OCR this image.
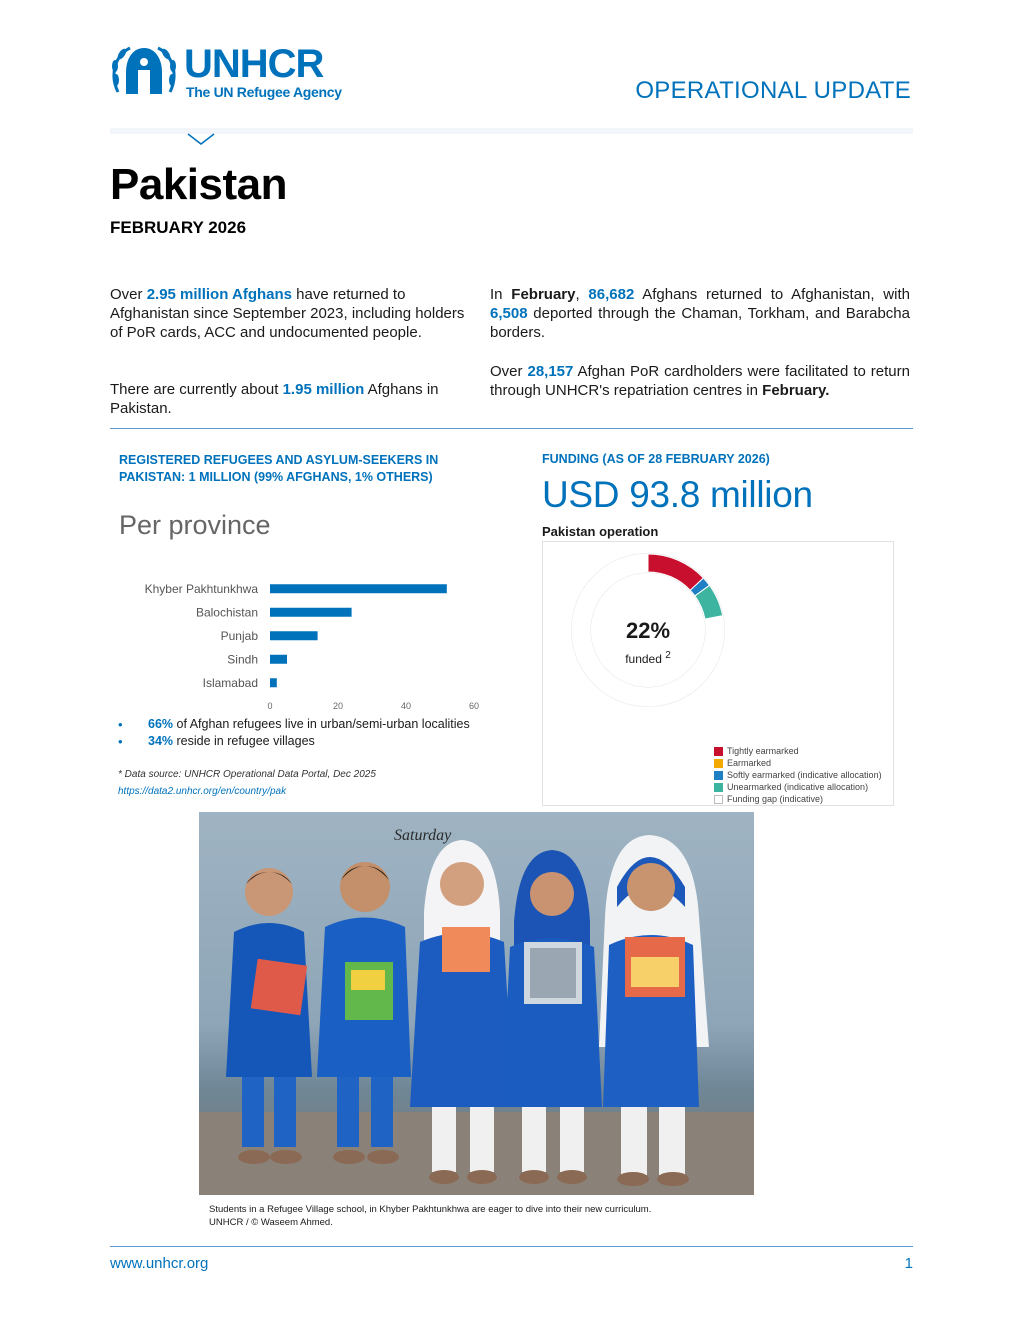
UNHCR
The UN Refugee Agency	OPERATIONAL UPDATE
Pakistan
FEBRUARY 2026
Over 2.95 million Afghans have returned to Afghanistan since September 2023, including holders of PoR cards, ACC and undocumented people.
There are currently about 1.95 million Afghans in Pakistan.
In February, 86,682 Afghans returned to Afghanistan, with 6,508 deported through the Chaman, Torkham, and Barabcha borders.
Over 28,157 Afghan PoR cardholders were facilitated to return through UNHCR's repatriation centres in February.
REGISTERED REFUGEES AND ASYLUM-SEEKERS IN PAKISTAN: 1 MILLION (99% AFGHANS, 1% OTHERS)
Per province
Khyber Pakhtunkhwa
Balochistan
Punjab
Sindh
Islamabad
0	20	40	60
• 66% of Afghan refugees live in urban/semi-urban localities
• 34% reside in refugee villages
* Data source: UNHCR Operational Data Portal, Dec 2025
https://data2.unhcr.org/en/country/pak
FUNDING (AS OF 28 FEBRUARY 2026)
USD 93.8 million
Pakistan operation
22%
funded $^2$
Tightly earmarked
Earmarked
Softly earmarked (indicative allocation)
Unearmarked (indicative allocation)
Funding gap (indicative)
Saturday
Students in a Refugee Village school, in Khyber Pakhtunkhwa are eager to dive into their new curriculum.
UNHCR / © Waseem Ahmed.
www.unhcr.org	1
